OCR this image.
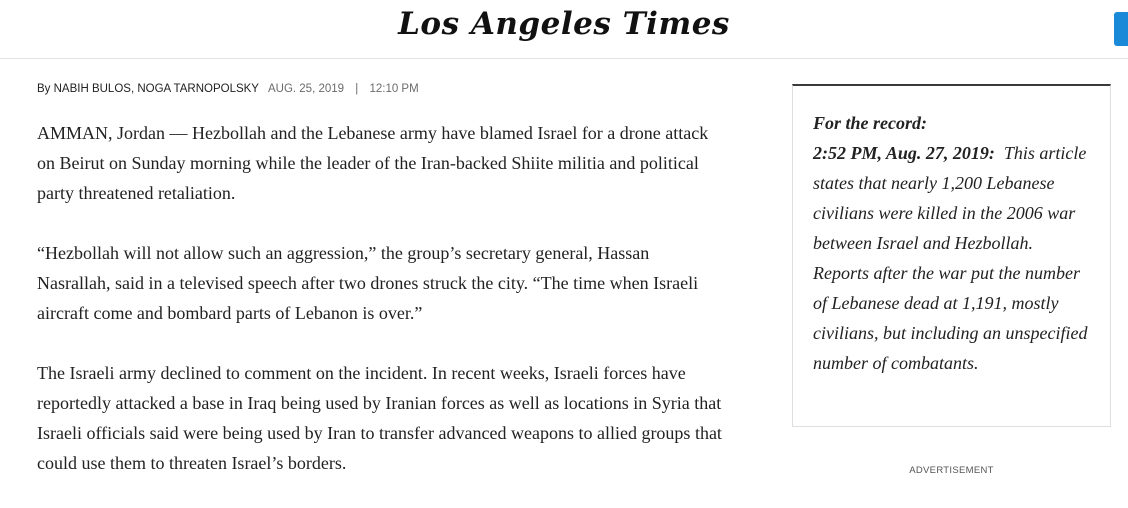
Los Angeles Times
By NABIH BULOS, NOGA TARNOPOLSKY AUG. 25, 2019 | 12:10 PM

AMMAN, Jordan — Hezbollah and the Lebanese army have blamed Israel for a drone attack on Beirut on Sunday morning while the leader of the Iran-backed Shiite militia and political party threatened retaliation.

“Hezbollah will not allow such an aggression,” the group’s secretary general, Hassan Nasrallah, said in a televised speech after two drones struck the city. “The time when Israeli aircraft come and bombard parts of Lebanon is over.”

The Israeli army declined to comment on the incident. In recent weeks, Israeli forces have reportedly attacked a base in Iraq being used by Iranian forces as well as locations in Syria that Israeli officials said were being used by Iran to transfer advanced weapons to allied groups that could use them to threaten Israel’s borders.

For the record:
2:52 PM, Aug. 27, 2019:  This article states that nearly 1,200 Lebanese civilians were killed in the 2006 war between Israel and Hezbollah. Reports after the war put the number of Lebanese dead at 1,191, mostly civilians, but including an unspecified number of combatants.
ADVERTISEMENT
